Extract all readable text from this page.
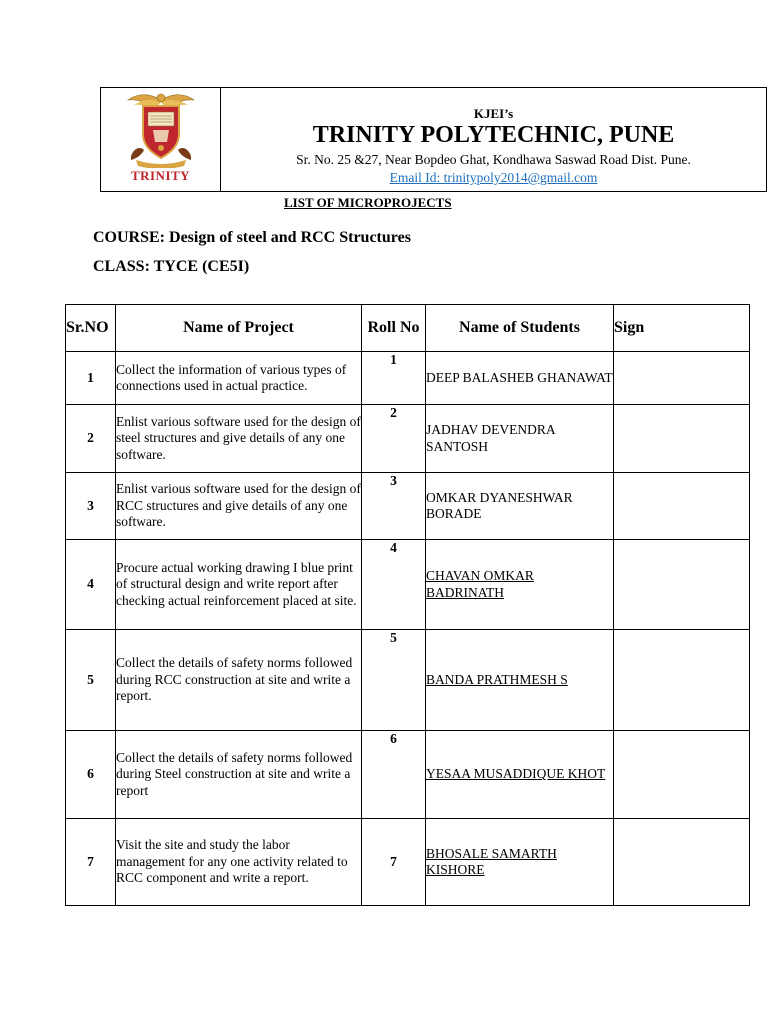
TRINITY
KJEI’s
TRINITY POLYTECHNIC, PUNE
Sr. No. 25 &27, Near Bopdeo Ghat, Kondhawa Saswad Road Dist. Pune.
Email Id: trinitypoly2014@gmail.com
LIST OF MICROPROJECTS
COURSE: Design of steel and RCC Structures
CLASS: TYCE (CE5I)
Sr.NO	Name of Project	Roll No	Name of Students	Sign
1	Collect the information of various types of connections used in actual practice.	1	DEEP BALASHEB GHANAWAT	
2	Enlist various software used for the design of steel structures and give details of any one software.	2	JADHAV DEVENDRA SANTOSH	
3	Enlist various software used for the design of RCC structures and give details of any one software.	3	OMKAR DYANESHWAR BORADE	
4	Procure actual working drawing I blue print of structural design and write report after checking actual reinforcement placed at site.	4	CHAVAN OMKAR BADRINATH	
5	Collect the details of safety norms followed during RCC construction at site and write a report.	5	BANDA PRATHMESH S	
6	Collect the details of safety norms followed during Steel construction at site and write a report	6	YESAA MUSADDIQUE KHOT	
7	Visit the site and study the labor management for any one activity related to RCC component and write a report.	7	BHOSALE SAMARTH KISHORE	
